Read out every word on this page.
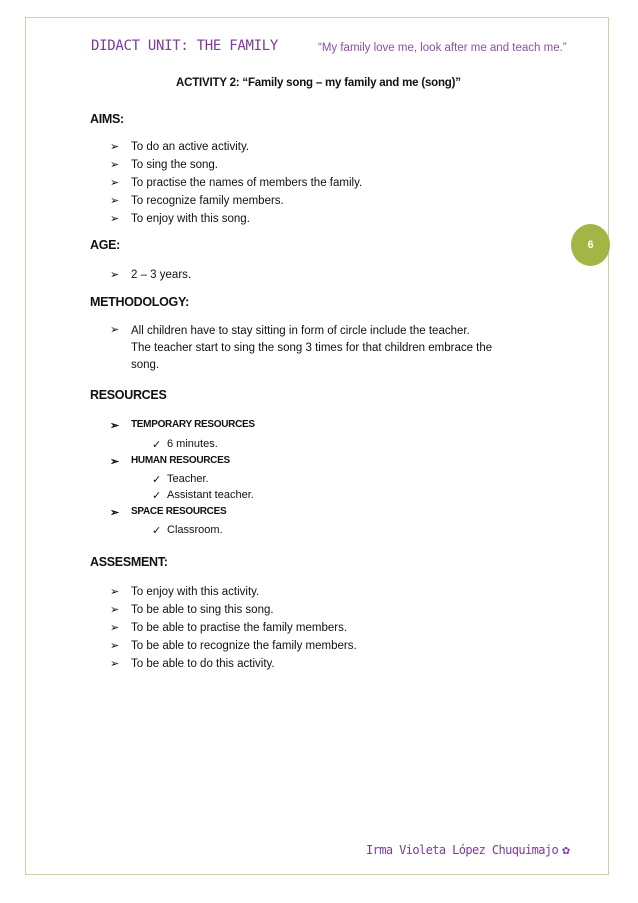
DIDACT UNIT: THE FAMILY	“My family love me, look after me and teach me.”
ACTIVITY 2: “Family song – my family and me (song)”
6
AIMS:
➢ To do an active activity.
➢ To sing the song.
➢ To practise the names of members the family.
➢ To recognize family members.
➢ To enjoy with this song.
AGE:
➢ 2 – 3 years.
METHODOLOGY:
➢ All children have to stay sitting in form of circle include the teacher.
The teacher start to sing the song 3 times for that children embrace the
song.
RESOURCES
➢ TEMPORARY RESOURCES
✓ 6 minutes.
➢ HUMAN RESOURCES
✓ Teacher.
✓ Assistant teacher.
➢ SPACE RESOURCES
✓ Classroom.
ASSESMENT:
➢ To enjoy with this activity.
➢ To be able to sing this song.
➢ To be able to practise the family members.
➢ To be able to recognize the family members.
➢ To be able to do this activity.
Irma Violeta López Chuquimajo ✿
